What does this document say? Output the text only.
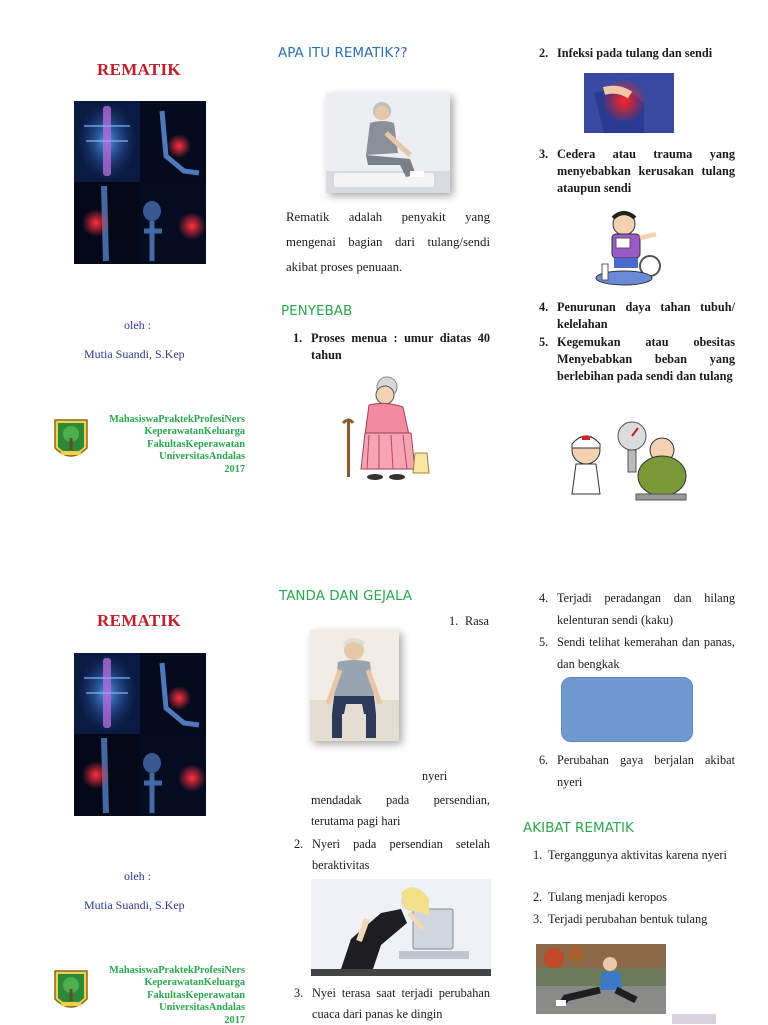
REMATIK
oleh :
Mutia Suandi, S.Kep
MahasiswaPraktekProfesiNers
KeperawatanKeluarga
FakultasKeperawatan
UniversitasAndalas
2017
APA ITU REMATIK??
Rematik adalah penyakit yang mengenai bagian dari tulang/sendi akibat proses penuaan.
PENYEBAB
1. Proses menua : umur diatas 40 tahun
2. Infeksi pada tulang dan sendi
3. Cedera atau trauma yang menyebabkan kerusakan tulang ataupun sendi
4. Penurunan daya tahan tubuh/ kelelahan
5. Kegemukan atau obesitas Menyebabkan beban yang berlebihan pada sendi dan tulang
REMATIK
oleh :
Mutia Suandi, S.Kep
MahasiswaPraktekProfesiNers
KeperawatanKeluarga
FakultasKeperawatan
UniversitasAndalas
2017
TANDA DAN GEJALA
1. Rasa
nyeri
mendadak pada persendian, terutama pagi hari
2. Nyeri pada persendian setelah beraktivitas
3. Nyei terasa saat terjadi perubahan cuaca dari panas ke dingin
4. Terjadi peradangan dan hilang kelenturan sendi (kaku)
5. Sendi telihat kemerahan dan panas, dan bengkak
6. Perubahan gaya berjalan akibat nyeri
AKIBAT REMATIK
1. Terganggunya aktivitas karena nyeri
2. Tulang menjadi keropos
3. Terjadi perubahan bentuk tulang
